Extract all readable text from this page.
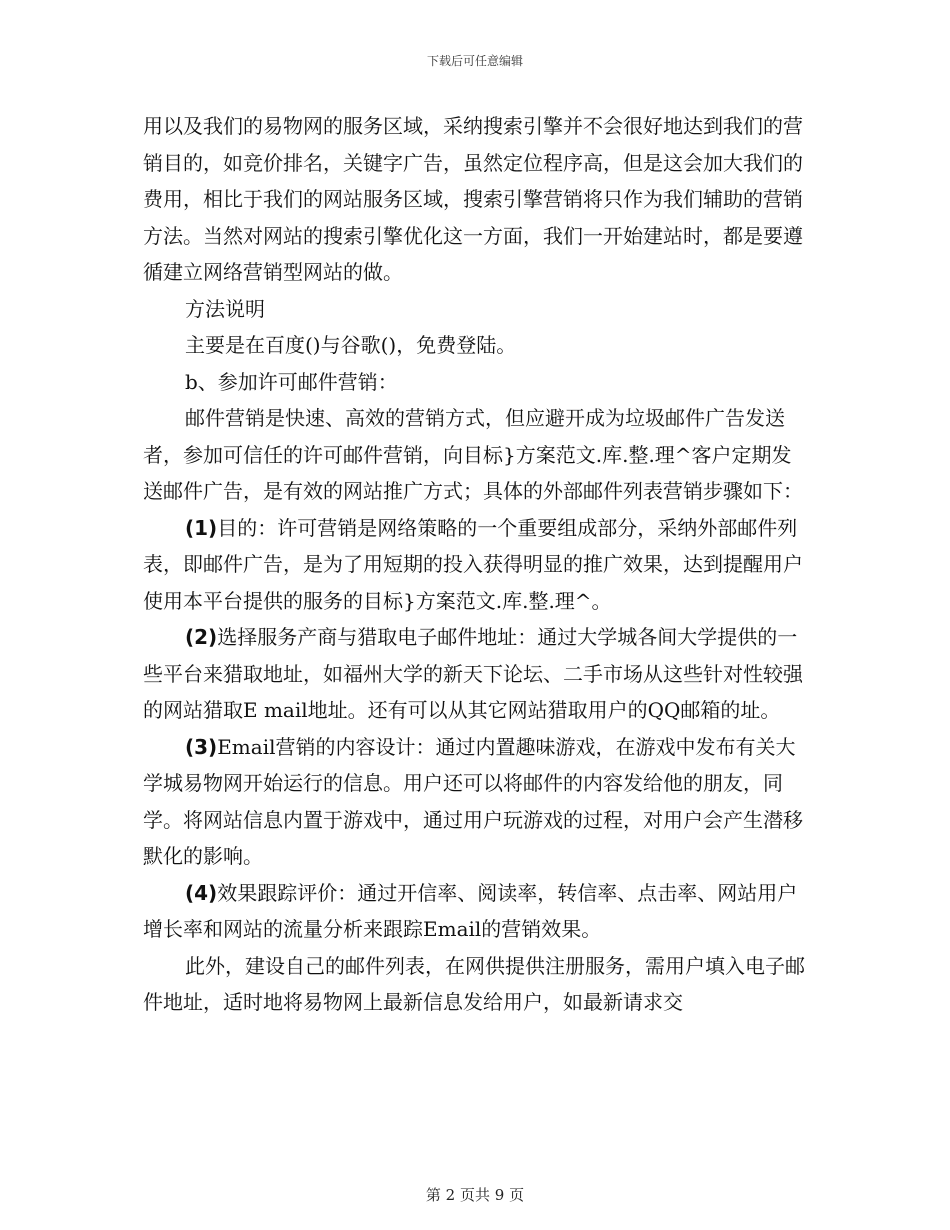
下载后可任意编辑

用以及我们的易物网的服务区域，采纳搜索引擎并不会很好地达到我们的营销目的，如竞价排名，关键字广告，虽然定位程序高，但是这会加大我们的费用，相比于我们的网站服务区域，搜索引擎营销将只作为我们辅助的营销方法。当然对网站的搜索引擎优化这一方面，我们一开始建站时，都是要遵循建立网络营销型网站的做。

方法说明

主要是在百度()与谷歌()，免费登陆。

b、参加许可邮件营销：

邮件营销是快速、高效的营销方式，但应避开成为垃圾邮件广告发送者，参加可信任的许可邮件营销，向目标}方案范文.库.整.理^客户定期发送邮件广告，是有效的网站推广方式；具体的外部邮件列表营销步骤如下：

(1)目的：许可营销是网络策略的一个重要组成部分，采纳外部邮件列表，即邮件广告，是为了用短期的投入获得明显的推广效果，达到提醒用户使用本平台提供的服务的目标}方案范文.库.整.理^。

(2)选择服务产商与猎取电子邮件地址：通过大学城各间大学提供的一些平台来猎取地址，如福州大学的新天下论坛、二手市场从这些针对性较强的网站猎取E mail地址。还有可以从其它网站猎取用户的QQ邮箱的址。

(3)Email营销的内容设计：通过内置趣味游戏，在游戏中发布有关大学城易物网开始运行的信息。用户还可以将邮件的内容发给他的朋友，同学。将网站信息内置于游戏中，通过用户玩游戏的过程，对用户会产生潜移默化的影响。

(4)效果跟踪评价：通过开信率、阅读率，转信率、点击率、网站用户增长率和网站的流量分析来跟踪Email的营销效果。

此外，建设自己的邮件列表，在网供提供注册服务，需用户填入电子邮件地址，适时地将易物网上最新信息发给用户，如最新请求交

第 2 页共 9 页
